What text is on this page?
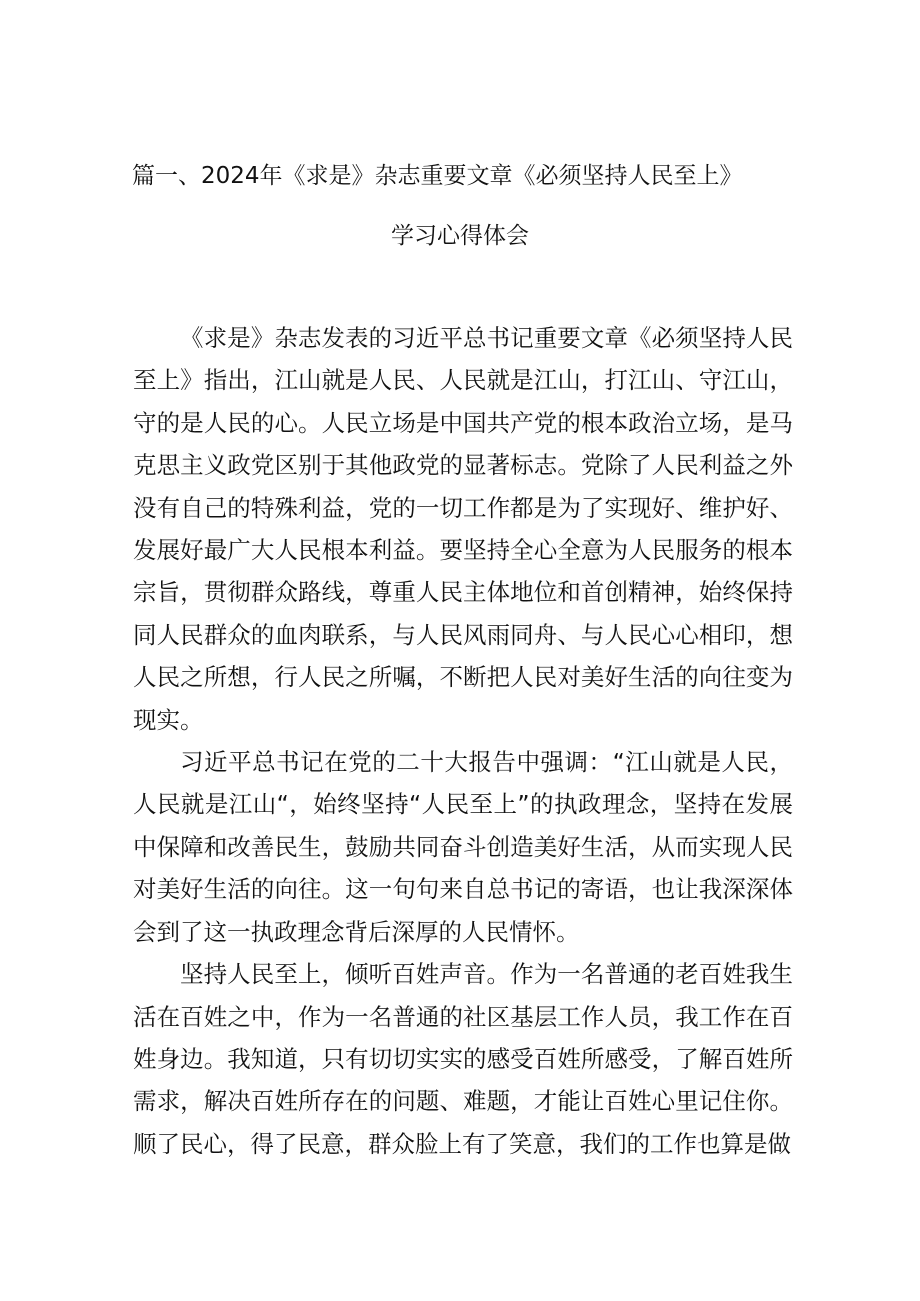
篇一、2024年《求是》杂志重要文章《必须坚持人民至上》
学习心得体会

《求是》杂志发表的习近平总书记重要文章《必须坚持人民至上》指出，江山就是人民、人民就是江山，打江山、守江山，守的是人民的心。人民立场是中国共产党的根本政治立场，是马克思主义政党区别于其他政党的显著标志。党除了人民利益之外没有自己的特殊利益，党的一切工作都是为了实现好、维护好、发展好最广大人民根本利益。要坚持全心全意为人民服务的根本宗旨，贯彻群众路线，尊重人民主体地位和首创精神，始终保持同人民群众的血肉联系，与人民风雨同舟、与人民心心相印，想人民之所想，行人民之所嘱，不断把人民对美好生活的向往变为现实。

习近平总书记在党的二十大报告中强调：“江山就是人民，人民就是江山“，始终坚持“人民至上”的执政理念，坚持在发展中保障和改善民生，鼓励共同奋斗创造美好生活，从而实现人民对美好生活的向往。这一句句来自总书记的寄语，也让我深深体会到了这一执政理念背后深厚的人民情怀。

坚持人民至上，倾听百姓声音。作为一名普通的老百姓我生活在百姓之中，作为一名普通的社区基层工作人员，我工作在百姓身边。我知道，只有切切实实的感受百姓所感受，了解百姓所需求，解决百姓所存在的问题、难题，才能让百姓心里记住你。顺了民心，得了民意，群众脸上有了笑意，我们的工作也算是做
